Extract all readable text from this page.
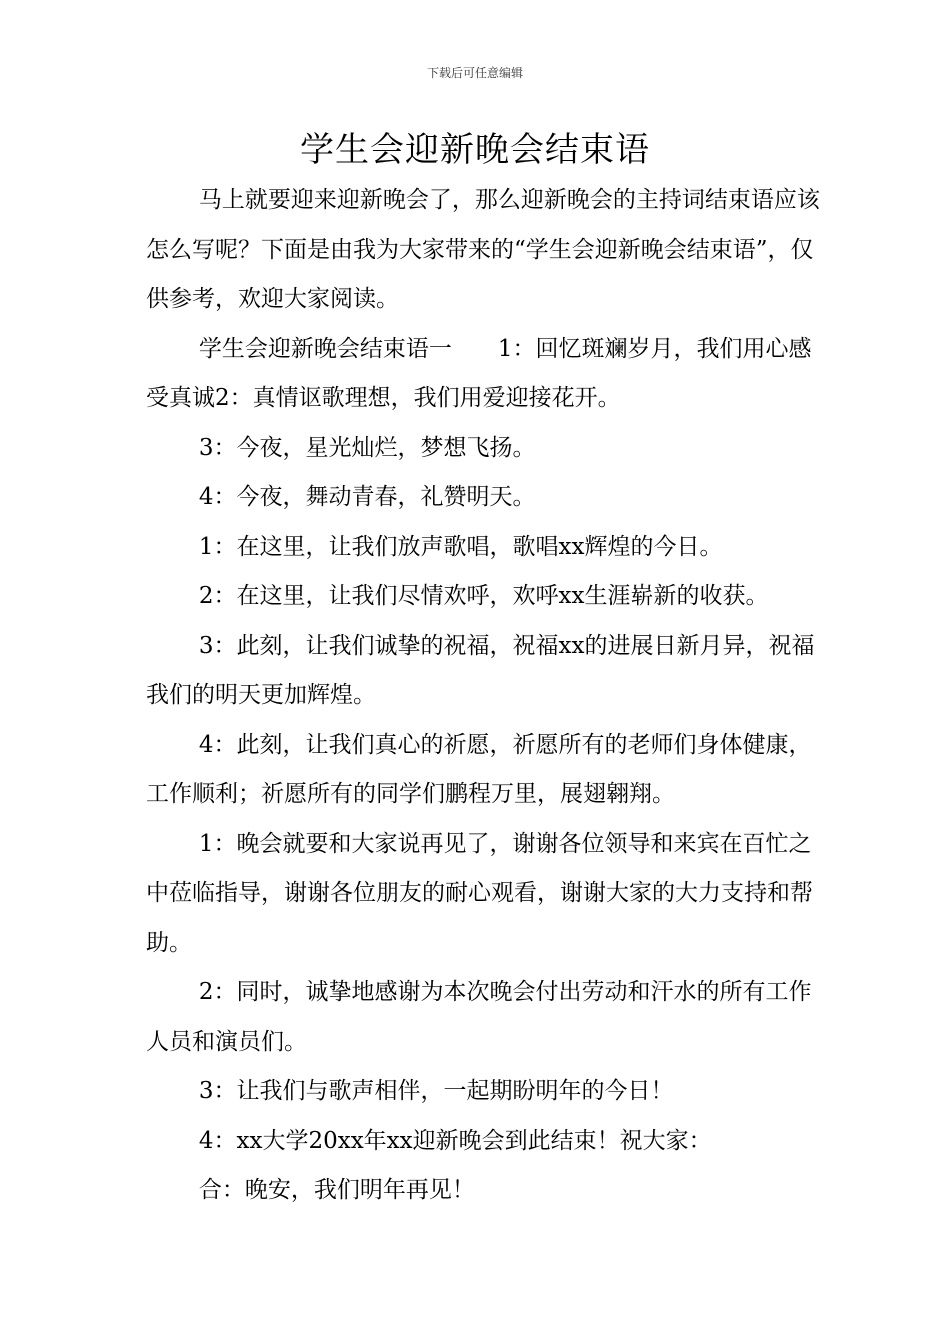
下载后可任意编辑
学生会迎新晚会结束语

马上就要迎来迎新晚会了，那么迎新晚会的主持词结束语应该怎么写呢？下面是由我为大家带来的“学生会迎新晚会结束语”，仅供参考，欢迎大家阅读。

学生会迎新晚会结束语一　　1：回忆斑斓岁月，我们用心感受真诚2：真情讴歌理想，我们用爱迎接花开。

3：今夜，星光灿烂，梦想飞扬。

4：今夜，舞动青春，礼赞明天。

1：在这里，让我们放声歌唱，歌唱xx辉煌的今日。

2：在这里，让我们尽情欢呼，欢呼xx生涯崭新的收获。

3：此刻，让我们诚挚的祝福，祝福xx的进展日新月异，祝福我们的明天更加辉煌。

4：此刻，让我们真心的祈愿，祈愿所有的老师们身体健康，工作顺利；祈愿所有的同学们鹏程万里，展翅翱翔。

1：晚会就要和大家说再见了，谢谢各位领导和来宾在百忙之中莅临指导，谢谢各位朋友的耐心观看，谢谢大家的大力支持和帮助。

2：同时，诚挚地感谢为本次晚会付出劳动和汗水的所有工作人员和演员们。

3：让我们与歌声相伴，一起期盼明年的今日！

4：xx大学20xx年xx迎新晚会到此结束！祝大家：

合：晚安，我们明年再见！
